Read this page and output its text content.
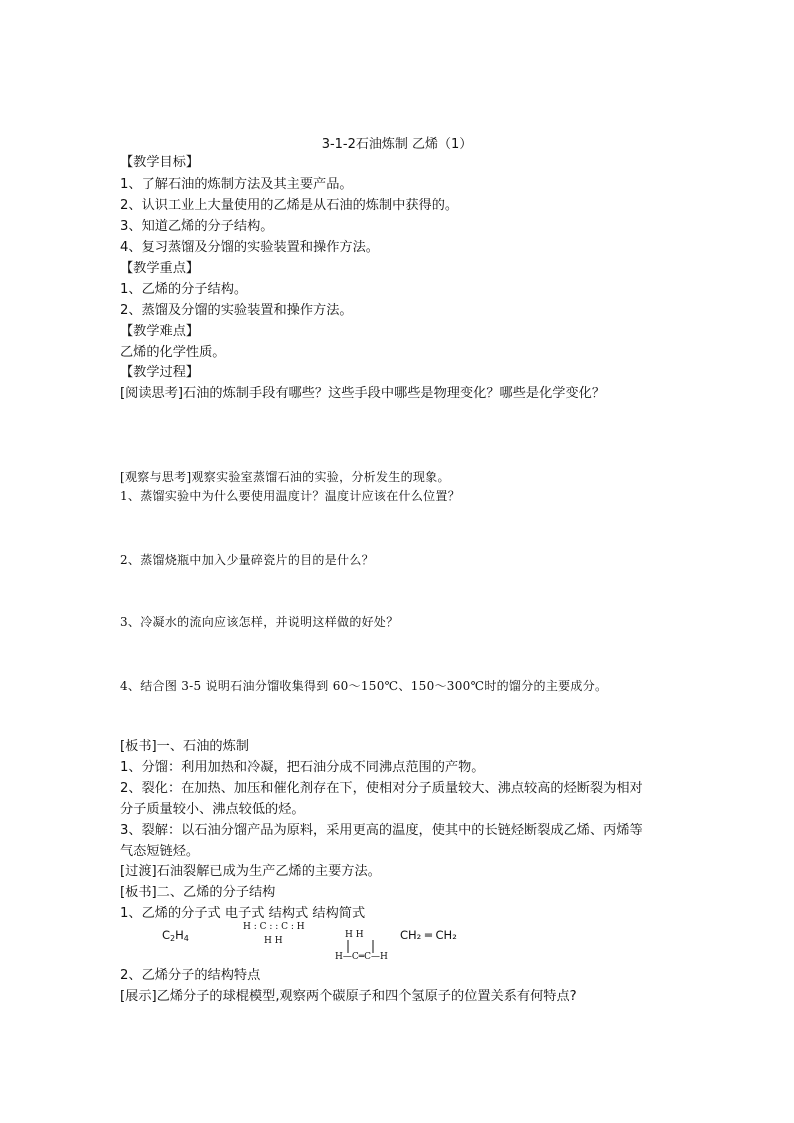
3-1-2石油炼制 乙烯（1）
【教学目标】
1、了解石油的炼制方法及其主要产品。
2、认识工业上大量使用的乙烯是从石油的炼制中获得的。
3、知道乙烯的分子结构。
4、复习蒸馏及分馏的实验装置和操作方法。
【教学重点】
1、乙烯的分子结构。
2、蒸馏及分馏的实验装置和操作方法。
【教学难点】
乙烯的化学性质。
【教学过程】
[阅读思考]石油的炼制手段有哪些？这些手段中哪些是物理变化？哪些是化学变化？
[观察与思考]观察实验室蒸馏石油的实验，分析发生的现象。
1、蒸馏实验中为什么要使用温度计？温度计应该在什么位置？
2、蒸馏烧瓶中加入少量碎瓷片的目的是什么？
3、冷凝水的流向应该怎样，并说明这样做的好处？
4、结合图 3-5 说明石油分馏收集得到 60～150℃、150～300℃时的馏分的主要成分。
[板书]一、石油的炼制
1、分馏：利用加热和冷凝，把石油分成不同沸点范围的产物。
2、裂化：在加热、加压和催化剂存在下，使相对分子质量较大、沸点较高的烃断裂为相对
分子质量较小、沸点较低的烃。
3、裂解：以石油分馏产品为原料，采用更高的温度，使其中的长链烃断裂成乙烯、丙烯等
气态短链烃。
[过渡]石油裂解已成为生产乙烯的主要方法。
[板书]二、乙烯的分子结构
1、乙烯的分子式 电子式 结构式 结构简式
$C_2H_4$
H : C : : C : H
H H
H H
H—C═C—H
CH₂ ═ CH₂
2、乙烯分子的结构特点
[展示]乙烯分子的球棍模型,观察两个碳原子和四个氢原子的位置关系有何特点?
